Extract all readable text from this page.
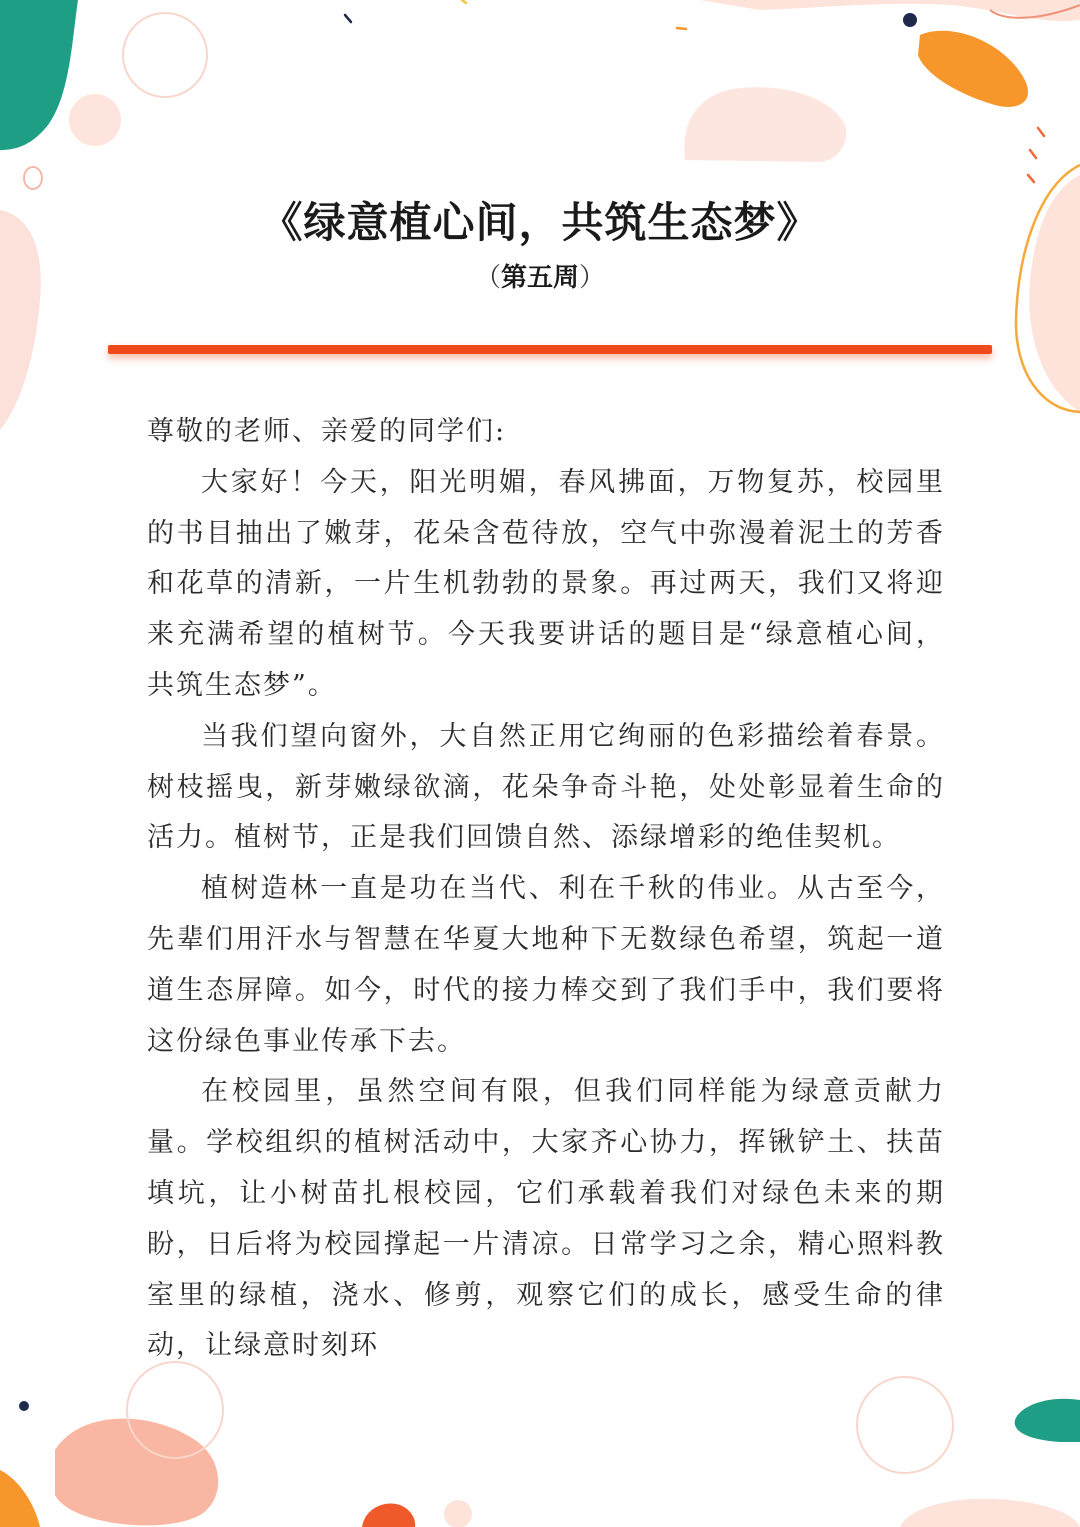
《绿意植心间，共筑生态梦》
（第五周）

尊敬的老师、亲爱的同学们:

大家好！今天，阳光明媚，春风拂面，万物复苏，校园里的书目抽出了嫩芽，花朵含苞待放，空气中弥漫着泥土的芳香和花草的清新，一片生机勃勃的景象。再过两天，我们又将迎来充满希望的植树节。今天我要讲话的题目是“绿意植心间，共筑生态梦”。

当我们望向窗外，大自然正用它绚丽的色彩描绘着春景。树枝摇曳，新芽嫩绿欲滴，花朵争奇斗艳，处处彰显着生命的活力。植树节，正是我们回馈自然、添绿增彩的绝佳契机。

植树造林一直是功在当代、利在千秋的伟业。从古至今，先辈们用汗水与智慧在华夏大地种下无数绿色希望，筑起一道道生态屏障。如今，时代的接力棒交到了我们手中，我们要将这份绿色事业传承下去。

在校园里，虽然空间有限，但我们同样能为绿意贡献力量。学校组织的植树活动中，大家齐心协力，挥锹铲土、扶苗填坑，让小树苗扎根校园，它们承载着我们对绿色未来的期盼，日后将为校园撑起一片清凉。日常学习之余，精心照料教室里的绿植，浇水、修剪，观察它们的成长，感受生命的律动，让绿意时刻环
